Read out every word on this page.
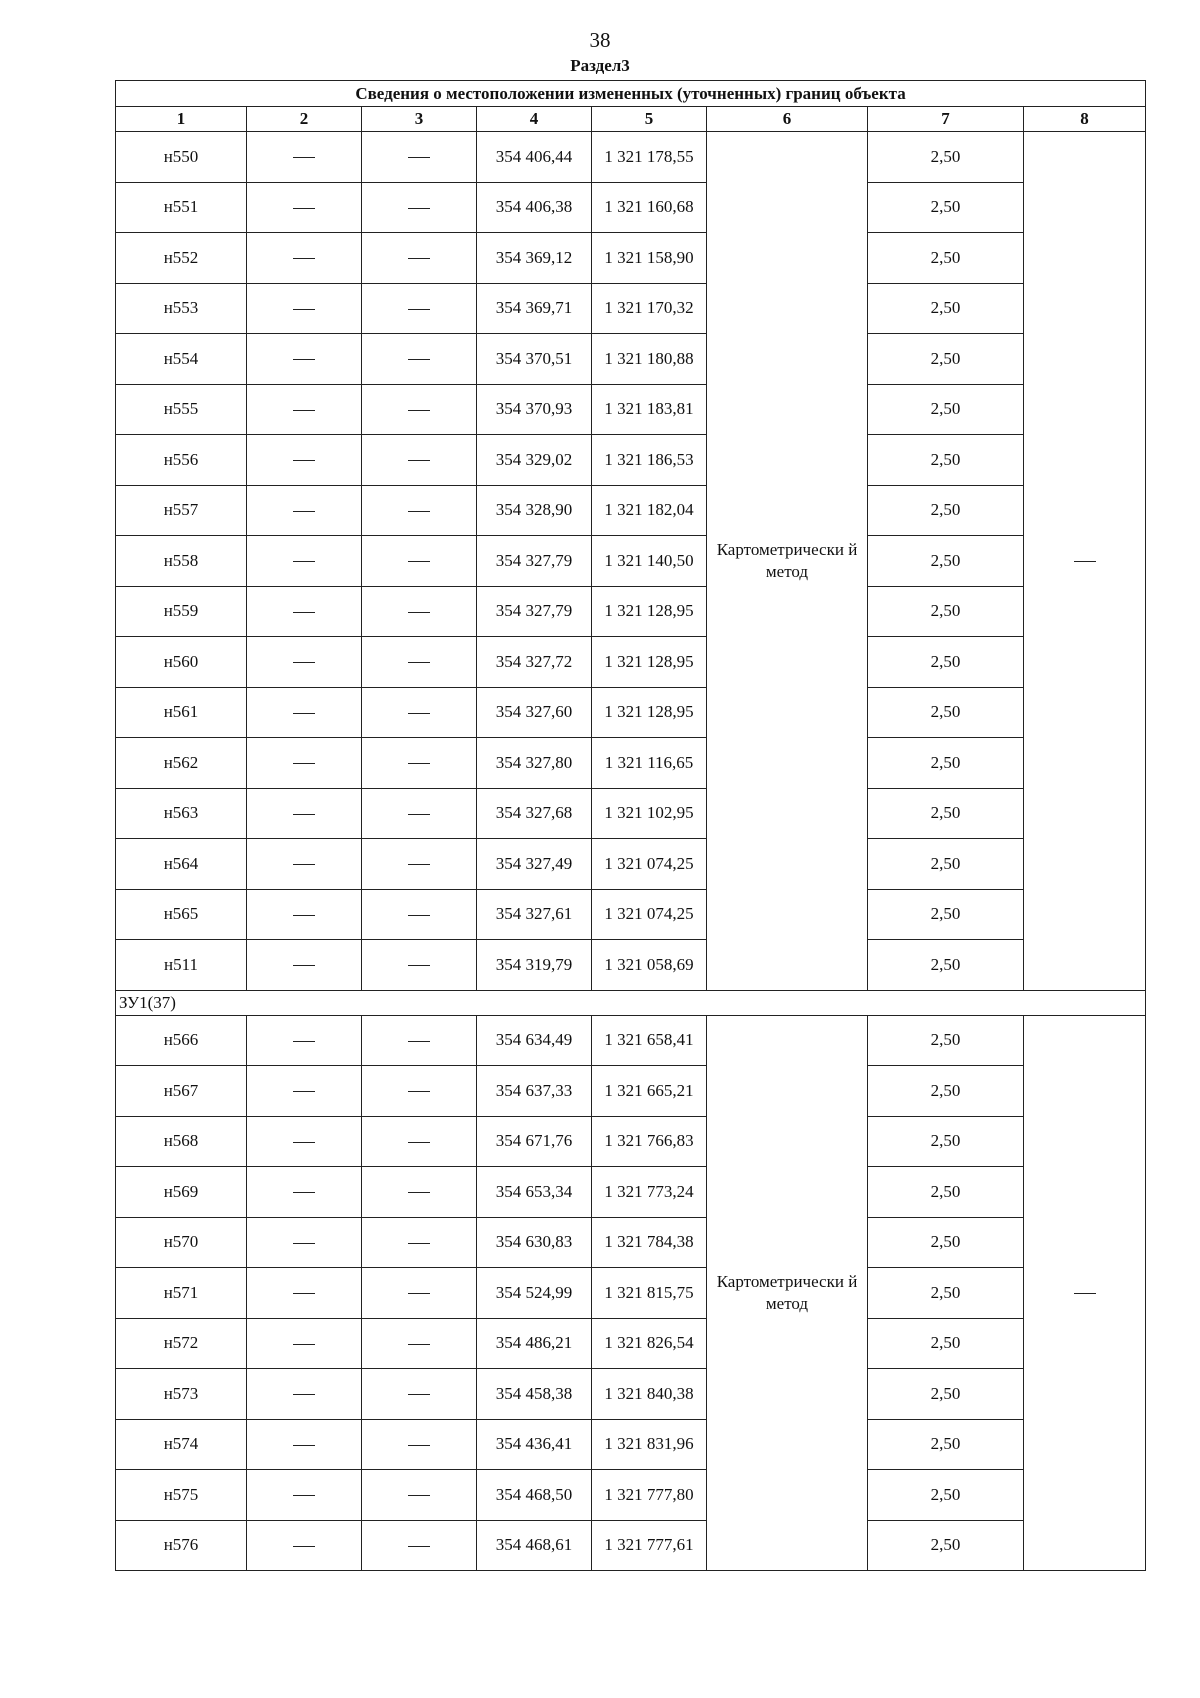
38
Раздел3
Сведения о местоположении измененных (уточненных) границ объекта							
1	2	3	4	5	6	7	8
н550			354 406,44	1 321 178,55	Картометрически й метод	2,50	
н551			354 406,38	1 321 160,68		2,50	
н552			354 369,12	1 321 158,90		2,50	
н553			354 369,71	1 321 170,32		2,50	
н554			354 370,51	1 321 180,88		2,50	
н555			354 370,93	1 321 183,81		2,50	
н556			354 329,02	1 321 186,53		2,50	
н557			354 328,90	1 321 182,04		2,50	
н558			354 327,79	1 321 140,50		2,50	
н559			354 327,79	1 321 128,95		2,50	
н560			354 327,72	1 321 128,95		2,50	
н561			354 327,60	1 321 128,95		2,50	
н562			354 327,80	1 321 116,65		2,50	
н563			354 327,68	1 321 102,95		2,50	
н564			354 327,49	1 321 074,25		2,50	
н565			354 327,61	1 321 074,25		2,50	
н511			354 319,79	1 321 058,69		2,50	
ЗУ1(37)							
н566			354 634,49	1 321 658,41	Картометрически й метод	2,50	
н567			354 637,33	1 321 665,21		2,50	
н568			354 671,76	1 321 766,83		2,50	
н569			354 653,34	1 321 773,24		2,50	
н570			354 630,83	1 321 784,38		2,50	
н571			354 524,99	1 321 815,75		2,50	
н572			354 486,21	1 321 826,54		2,50	
н573			354 458,38	1 321 840,38		2,50	
н574			354 436,41	1 321 831,96		2,50	
н575			354 468,50	1 321 777,80		2,50	
н576			354 468,61	1 321 777,61		2,50	
